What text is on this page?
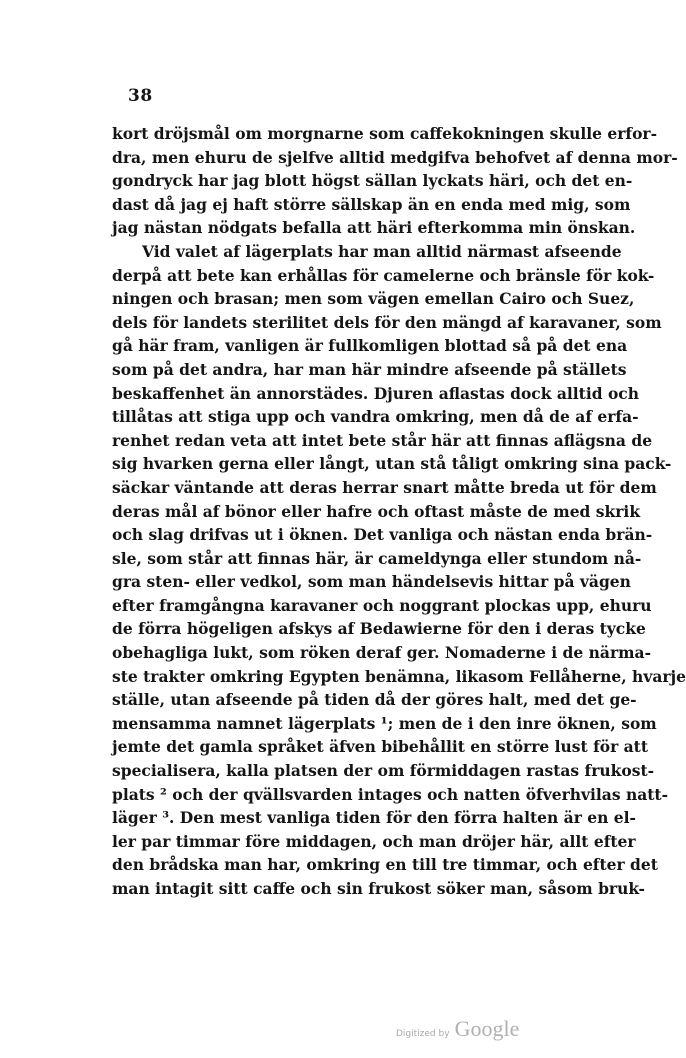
38
kort dröjsmål om morgnarne som caffekokningen skulle erfor-
dra, men ehuru de sjelfve alltid medgifva behofvet af denna mor-
gondryck har jag blott högst sällan lyckats häri, och det en-
dast då jag ej haft större sällskap än en enda med mig, som
jag nästan nödgats befalla att häri efterkomma min önskan.
Vid valet af lägerplats har man alltid närmast afseende
derpå att bete kan erhållas för camelerne och bränsle för kok-
ningen och brasan; men som vägen emellan Cairo och Suez,
dels för landets sterilitet dels för den mängd af karavaner, som
gå här fram, vanligen är fullkomligen blottad så på det ena
som på det andra, har man här mindre afseende på ställets
beskaffenhet än annorstädes. Djuren aflastas dock alltid och
tillåtas att stiga upp och vandra omkring, men då de af erfa-
renhet redan veta att intet bete står här att finnas aflägsna de
sig hvarken gerna eller långt, utan stå tåligt omkring sina pack-
säckar väntande att deras herrar snart måtte breda ut för dem
deras mål af bönor eller hafre och oftast måste de med skrik
och slag drifvas ut i öknen. Det vanliga och nästan enda brän-
sle, som står att finnas här, är cameldynga eller stundom nå-
gra sten- eller vedkol, som man händelsevis hittar på vägen
efter framgångna karavaner och noggrant plockas upp, ehuru
de förra högeligen afskys af Bedawierne för den i deras tycke
obehagliga lukt, som röken deraf ger. Nomaderne i de närma-
ste trakter omkring Egypten benämna, likasom Fellåherne, hvarje
ställe, utan afseende på tiden då der göres halt, med det ge-
mensamma namnet lägerplats ¹; men de i den inre öknen, som
jemte det gamla språket äfven bibehållit en större lust för att
specialisera, kalla platsen der om förmiddagen rastas frukost-
plats ² och der qvällsvarden intages och natten öfverhvilas natt-
läger ³. Den mest vanliga tiden för den förra halten är en el-
ler par timmar före middagen, och man dröjer här, allt efter
den brådska man har, omkring en till tre timmar, och efter det
man intagit sitt caffe och sin frukost söker man, såsom bruk-
Digitized by Google
